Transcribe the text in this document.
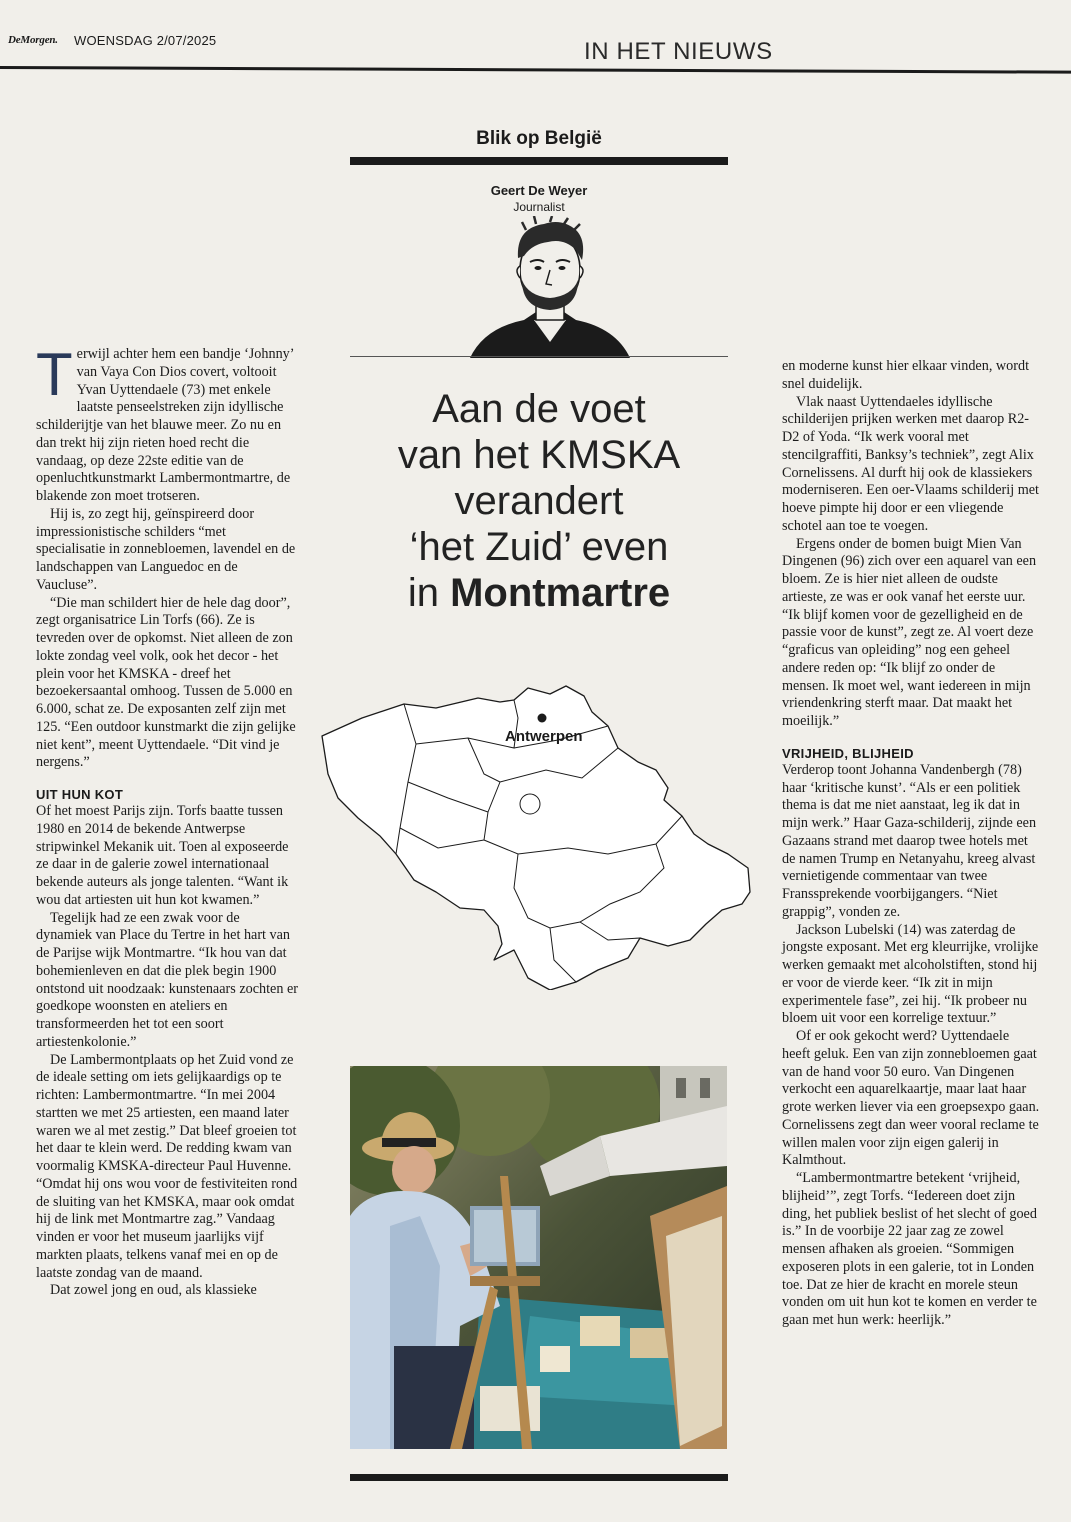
DeMorgen. WOENSDAG 2/07/2025	IN HET NIEUWS
Blik op België
Geert De Weyer
Journalist
Aan de voet
van het KMSKA
verandert
‘het Zuid’ even
in Montmartre
Antwerpen

Terwijl achter hem een bandje ‘Johnny’ van Vaya Con Dios covert, voltooit Yvan Uyttendaele (73) met enkele laatste penseelstreken zijn idyllische schilderijtje van het blauwe meer. Zo nu en dan trekt hij zijn rieten hoed recht die vandaag, op deze 22ste editie van de openluchtkunstmarkt Lambermontmartre, de blakende zon moet trotseren.

Hij is, zo zegt hij, geïnspireerd door impressionistische schilders “met specialisatie in zonnebloemen, lavendel en de landschappen van Languedoc en de Vaucluse”.

“Die man schildert hier de hele dag door”, zegt organisatrice Lin Torfs (66). Ze is tevreden over de opkomst. Niet alleen de zon lokte zondag veel volk, ook het decor - het plein voor het KMSKA - dreef het bezoekersaantal omhoog. Tussen de 5.000 en 6.000, schat ze. De exposanten zelf zijn met 125. “Een outdoor kunstmarkt die zijn gelijke niet kent”, meent Uyttendaele. “Dit vind je nergens.”

UIT HUN KOT

Of het moest Parijs zijn. Torfs baatte tussen 1980 en 2014 de bekende Antwerpse stripwinkel Mekanik uit. Toen al exposeerde ze daar in de galerie zowel internationaal bekende auteurs als jonge talenten. “Want ik wou dat artiesten uit hun kot kwamen.”

Tegelijk had ze een zwak voor de dynamiek van Place du Tertre in het hart van de Parijse wijk Montmartre. “Ik hou van dat bohemienleven en dat die plek begin 1900 ontstond uit noodzaak: kunstenaars zochten er goedkope woonsten en ateliers en transformeerden het tot een soort artiestenkolonie.”

De Lambermontplaats op het Zuid vond ze de ideale setting om iets gelijkaardigs op te richten: Lambermontmartre. “In mei 2004 startten we met 25 artiesten, een maand later waren we al met zestig.” Dat bleef groeien tot het daar te klein werd. De redding kwam van voormalig KMSKA-directeur Paul Huvenne. “Omdat hij ons wou voor de festiviteiten rond de sluiting van het KMSKA, maar ook omdat hij de link met Montmartre zag.” Vandaag vinden er voor het museum jaarlijks vijf markten plaats, telkens vanaf mei en op de laatste zondag van de maand.

Dat zowel jong en oud, als klassieke

en moderne kunst hier elkaar vinden, wordt snel duidelijk.

Vlak naast Uyttendaeles idyllische schilderijen prijken werken met daarop R2-D2 of Yoda. “Ik werk vooral met stencilgraffiti, Banksy’s techniek”, zegt Alix Cornelissens. Al durft hij ook de klassiekers moderniseren. Een oer-Vlaams schilderij met hoeve pimpte hij door er een vliegende schotel aan toe te voegen.

Ergens onder de bomen buigt Mien Van Dingenen (96) zich over een aquarel van een bloem. Ze is hier niet alleen de oudste artieste, ze was er ook vanaf het eerste uur. “Ik blijf komen voor de gezelligheid en de passie voor de kunst”, zegt ze. Al voert deze “graficus van opleiding” nog een geheel andere reden op: “Ik blijf zo onder de mensen. Ik moet wel, want iedereen in mijn vriendenkring sterft maar. Dat maakt het moeilijk.”

VRIJHEID, BLIJHEID

Verderop toont Johanna Vandenbergh (78) haar ‘kritische kunst’. “Als er een politiek thema is dat me niet aanstaat, leg ik dat in mijn werk.” Haar Gaza-schilderij, zijnde een Gazaans strand met daarop twee hotels met de namen Trump en Netanyahu, kreeg alvast vernietigende commentaar van twee Franssprekende voorbijgangers. “Niet grappig”, vonden ze.

Jackson Lubelski (14) was zaterdag de jongste exposant. Met erg kleurrijke, vrolijke werken gemaakt met alcoholstiften, stond hij er voor de vierde keer. “Ik zit in mijn experimentele fase”, zei hij. “Ik probeer nu bloem uit voor een korrelige textuur.”

Of er ook gekocht werd? Uyttendaele heeft geluk. Een van zijn zonnebloemen gaat van de hand voor 50 euro. Van Dingenen verkocht een aquarelkaartje, maar laat haar grote werken liever via een groepsexpo gaan. Cornelissens zegt dan weer vooral reclame te willen malen voor zijn eigen galerij in Kalmthout.

“Lambermontmartre betekent ‘vrijheid, blijheid’”, zegt Torfs. “Iedereen doet zijn ding, het publiek beslist of het slecht of goed is.” In de voorbije 22 jaar zag ze zowel mensen afhaken als groeien. “Sommigen exposeren plots in een galerie, tot in Londen toe. Dat ze hier de kracht en morele steun vonden om uit hun kot te komen en verder te gaan met hun werk: heerlijk.”
